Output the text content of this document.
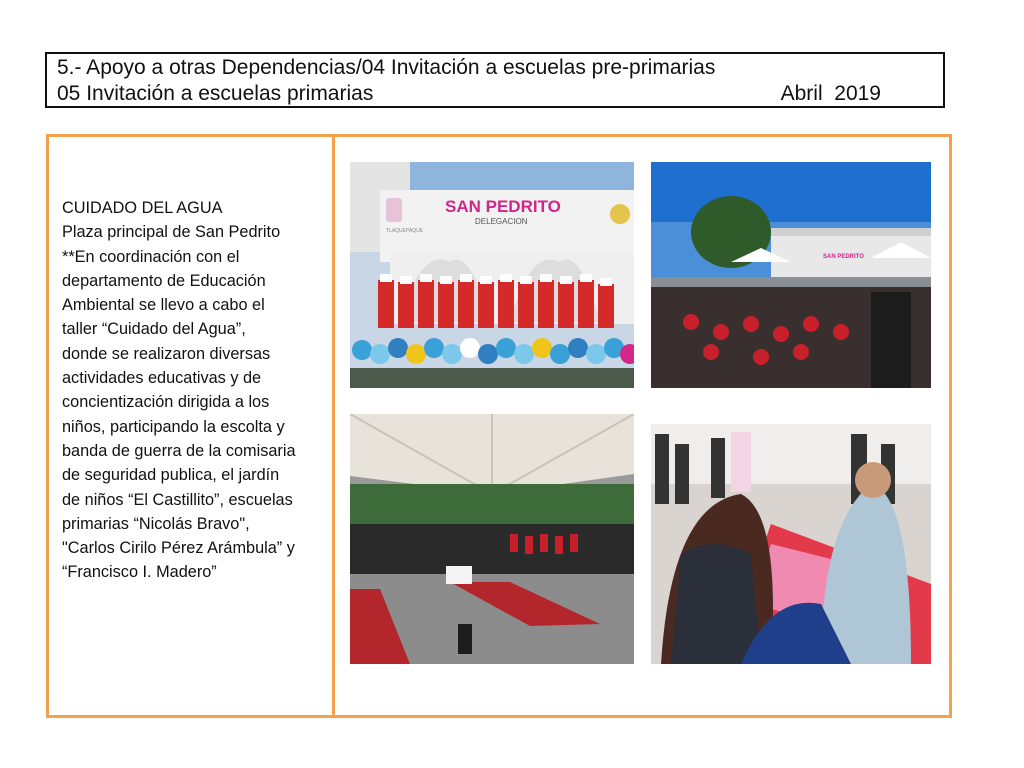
5.- Apoyo a otras Dependencias/04 Invitación a escuelas pre-primarias
05 Invitación a escuelas primarias	Abril  2019
CUIDADO DEL AGUA
Plaza principal de San Pedrito
**En coordinación con el
departamento de Educación
Ambiental se llevo a cabo el
taller “Cuidado del Agua”,
donde se realizaron diversas
actividades educativas y de
concientización dirigida a los
niños, participando la escolta y
banda de guerra de la comisaria
de seguridad publica, el jardín
de niños “El Castillito”, escuelas
primarias “Nicolás Bravo",
"Carlos Cirilo Pérez Arámbula” y
“Francisco I. Madero”
SAN PEDRITO
DELEGACION
TLAQUEPAQUE
SAN PEDRITO
